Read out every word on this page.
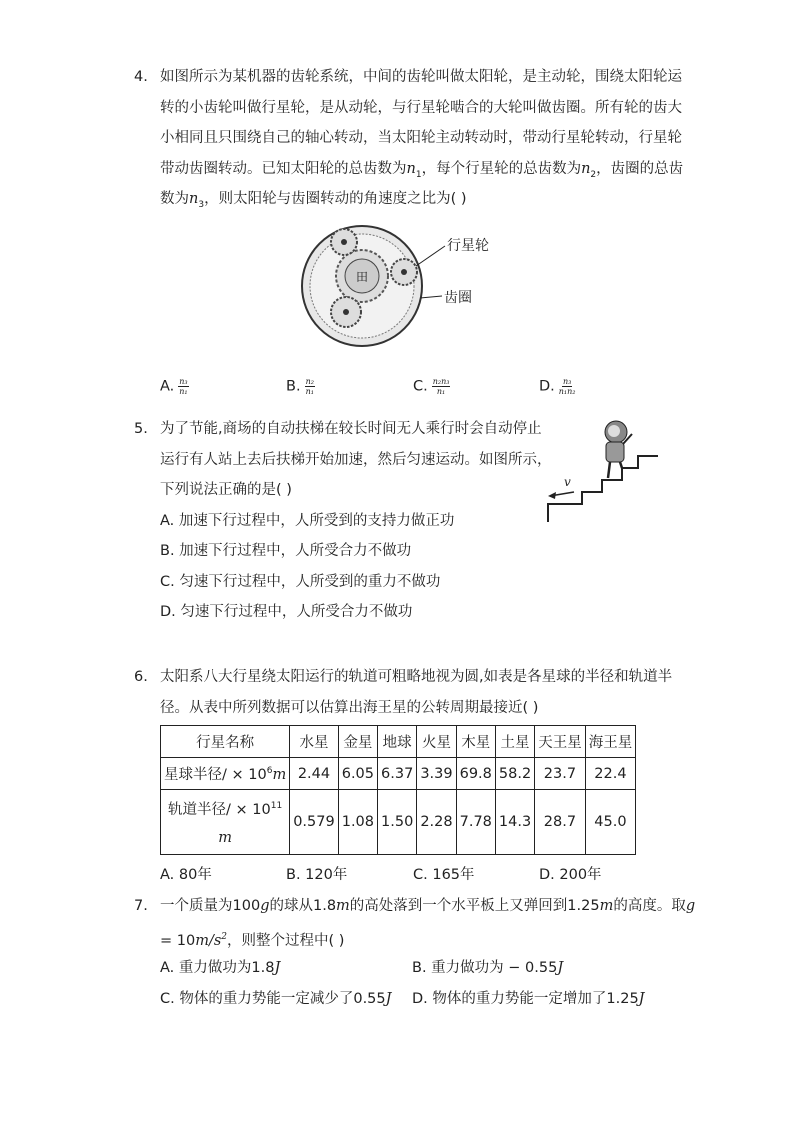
4. 如图所示为某机器的齿轮系统，中间的齿轮叫做太阳轮，是主动轮，围绕太阳轮运
转的小齿轮叫做行星轮，是从动轮，与行星轮啮合的大轮叫做齿圈。所有轮的齿大
小相同且只围绕自己的轴心转动，当太阳轮主动转动时，带动行星轮转动，行星轮
带动齿圈转动。已知太阳轮的总齿数为$n_1$，每个行星轮的总齿数为$n_2$，齿圈的总齿
数为$n_3$，则太阳轮与齿圈转动的角速度之比为( )
田
行星轮
齿圈
A. $\frac{\text{n₃}}{\text{n₁}}$	B. $\frac{\text{n₂}}{\text{n₁}}$	C. $\frac{\text{n₂n₃}}{\text{n₁}}$	D. $\frac{\text{n₃}}{\text{n₁n₂}}$
5. 为了节能,商场的自动扶梯在较长时间无人乘行时会自动停止
运行有人站上去后扶梯开始加速，然后匀速运动。如图所示，
下列说法正确的是( )
A. 加速下行过程中，人所受到的支持力做正功
B. 加速下行过程中，人所受合力不做功
C. 匀速下行过程中，人所受到的重力不做功
D. 匀速下行过程中，人所受合力不做功
v
6. 太阳系八大行星绕太阳运行的轨道可粗略地视为圆,如表是各星球的半径和轨道半
径。从表中所列数据可以估算出海王星的公转周期最接近( )
行星名称	水星	金星	地球	火星	木星	土星	天王星	海王星
星球半径/ × $10^6m$	2.44	6.05	6.37	3.39	69.8	58.2	23.7	22.4
轨道半径/ × $10^{11}$
m	0.579	1.08	1.50	2.28	7.78	14.3	28.7	45.0
A. 80年	B. 120年	C. 165年	D. 200年
7. 一个质量为100g的球从1.8m的高处落到一个水平板上又弹回到1.25m的高度。取g
= $10m/s^2$，则整个过程中( )
A. 重力做功为1.8J	B. 重力做功为 − 0.55J
C. 物体的重力势能一定减少了0.55J D. 物体的重力势能一定增加了1.25J
